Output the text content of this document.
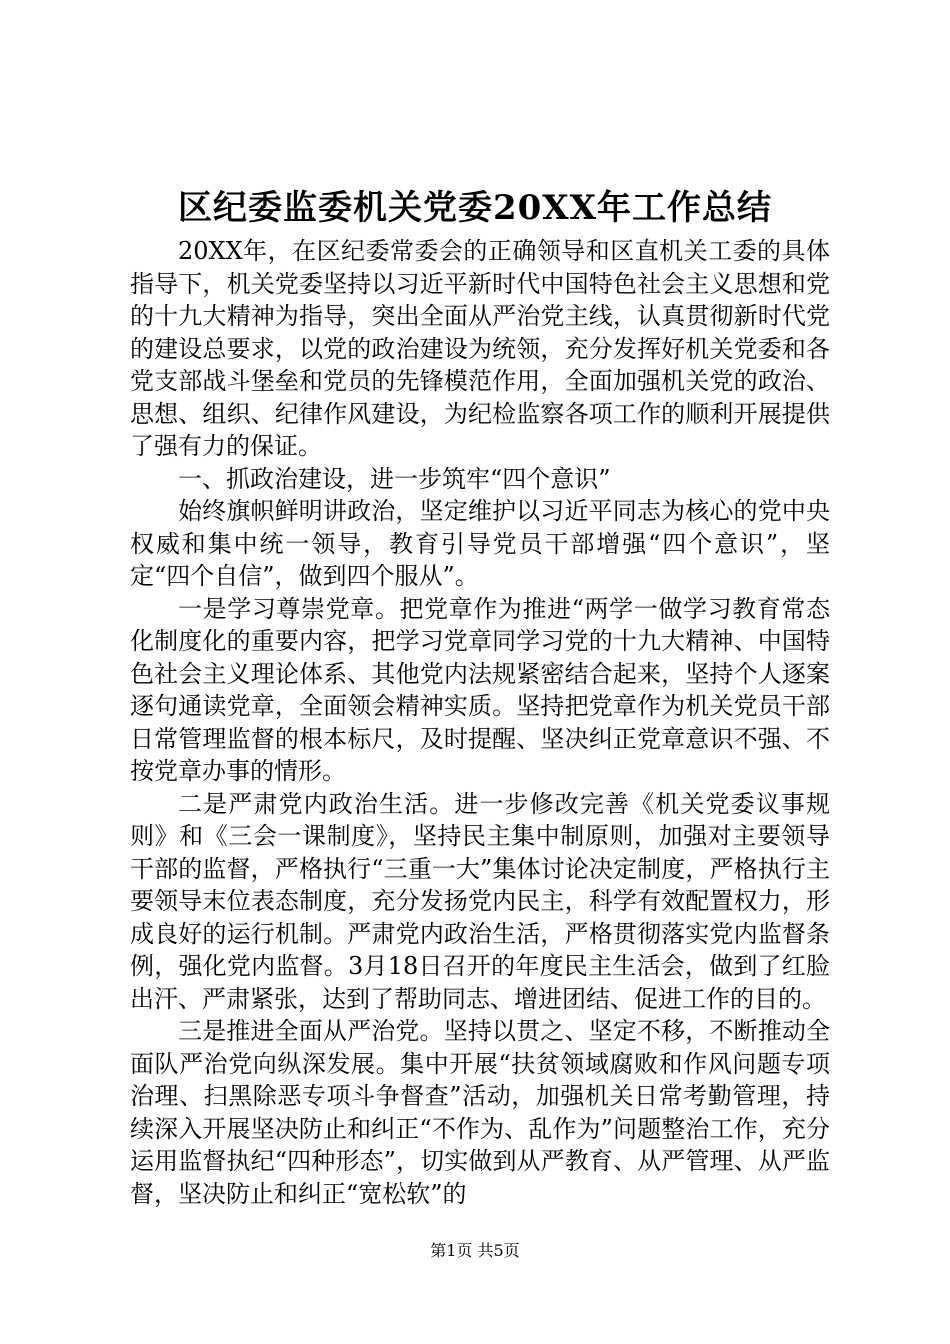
区纪委监委机关党委20XX年工作总结

20XX年，在区纪委常委会的正确领导和区直机关工委的具体指导下，机关党委坚持以习近平新时代中国特色社会主义思想和党的十九大精神为指导，突出全面从严治党主线，认真贯彻新时代党的建设总要求，以党的政治建设为统领，充分发挥好机关党委和各党支部战斗堡垒和党员的先锋模范作用，全面加强机关党的政治、思想、组织、纪律作风建设，为纪检监察各项工作的顺利开展提供了强有力的保证。

一、抓政治建设，进一步筑牢“四个意识”

始终旗帜鲜明讲政治，坚定维护以习近平同志为核心的党中央权威和集中统一领导，教育引导党员干部增强“四个意识”，坚定“四个自信”，做到四个服从”。

一是学习尊崇党章。把党章作为推进“两学一做学习教育常态化制度化的重要内容，把学习党章同学习党的十九大精神、中国特色社会主义理论体系、其他党内法规紧密结合起来，坚持个人逐案逐句通读党章，全面领会精神实质。坚持把党章作为机关党员干部日常管理监督的根本标尺，及时提醒、坚决纠正党章意识不强、不按党章办事的情形。

二是严肃党内政治生活。进一步修改完善《机关党委议事规则》和《三会一课制度》，坚持民主集中制原则，加强对主要领导干部的监督，严格执行“三重一大”集体讨论决定制度，严格执行主要领导末位表态制度，充分发扬党内民主，科学有效配置权力，形成良好的运行机制。严肃党内政治生活，严格贯彻落实党内监督条例，强化党内监督。3月18日召开的年度民主生活会，做到了红脸出汗、严肃紧张，达到了帮助同志、增进团结、促进工作的目的。

三是推进全面从严治党。坚持以贯之、坚定不移，不断推动全面队严治党向纵深发展。集中开展“扶贫领域腐败和作风问题专项治理、扫黑除恶专项斗争督查”活动，加强机关日常考勤管理，持续深入开展坚决防止和纠正“不作为、乱作为”问题整治工作，充分运用监督执纪“四种形态”，切实做到从严教育、从严管理、从严监督，坚决防止和纠正“宽松软”的

第1页 共5页
